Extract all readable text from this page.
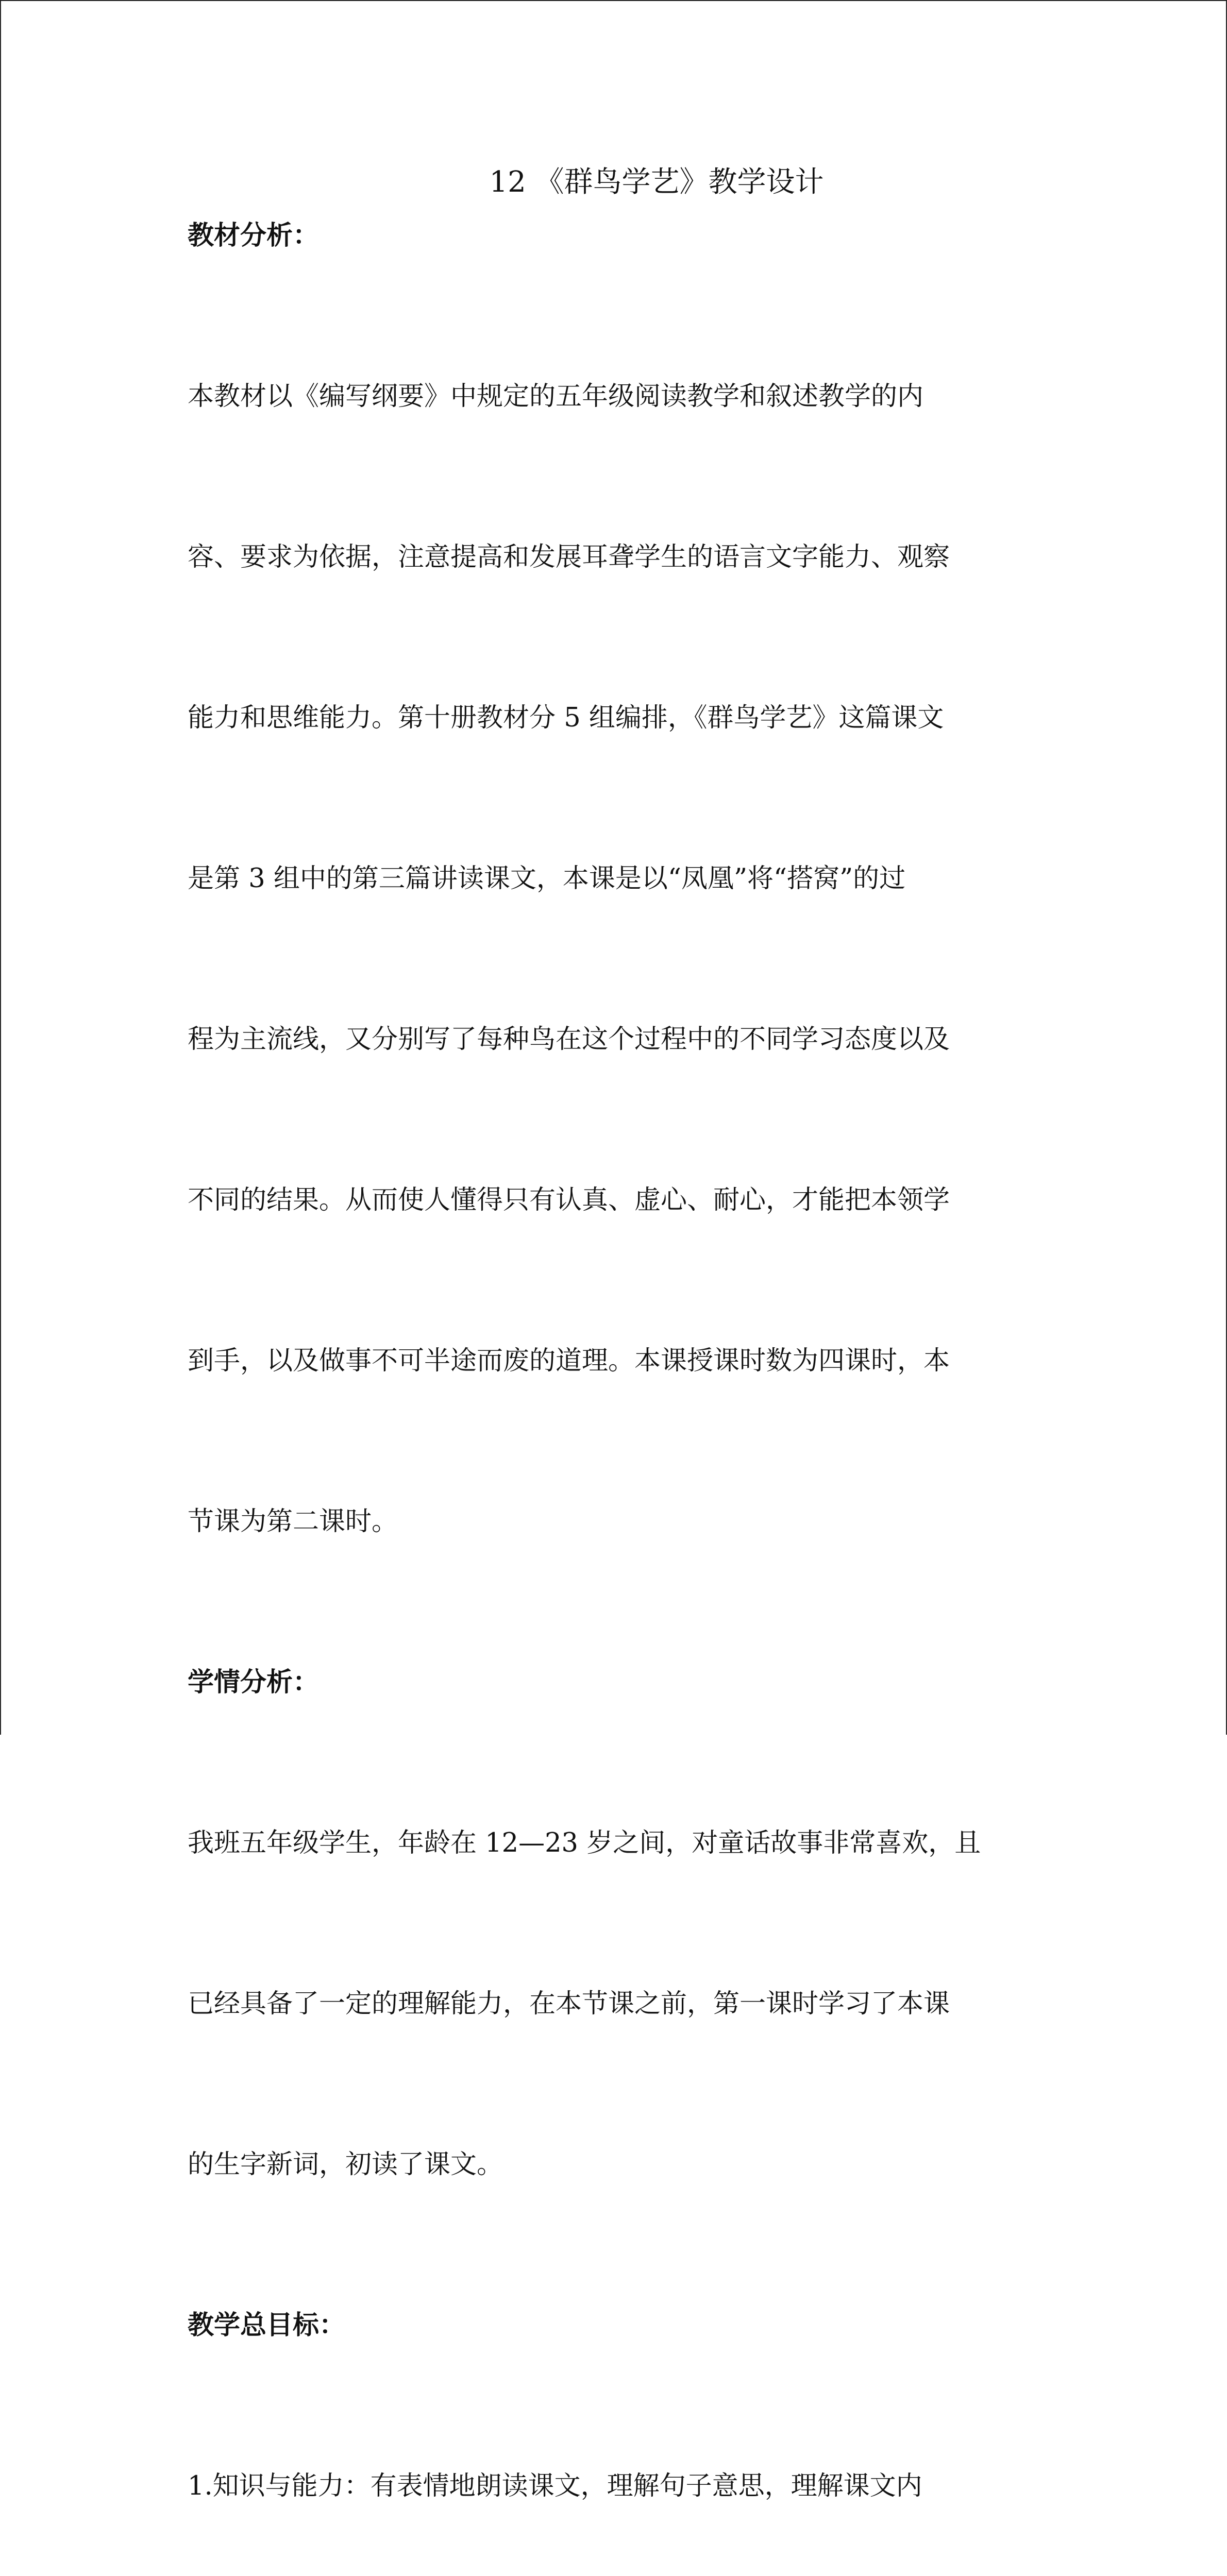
12 《群鸟学艺》教学设计

教材分析：

本教材以《编写纲要》中规定的五年级阅读教学和叙述教学的内

容、要求为依据，注意提高和发展耳聋学生的语言文字能力、观察

能力和思维能力。第十册教材分 5 组编排，《群鸟学艺》这篇课文

是第 3 组中的第三篇讲读课文，本课是以“凤凰”将“搭窝”的过

程为主流线，又分别写了每种鸟在这个过程中的不同学习态度以及

不同的结果。从而使人懂得只有认真、虚心、耐心，才能把本领学

到手，以及做事不可半途而废的道理。本课授课时数为四课时，本

节课为第二课时。

学情分析：

我班五年级学生，年龄在 12—23 岁之间，对童话故事非常喜欢，且

已经具备了一定的理解能力，在本节课之前，第一课时学习了本课

的生字新词，初读了课文。

教学总目标：

1.知识与能力：有表情地朗读课文，理解句子意思，理解课文内
